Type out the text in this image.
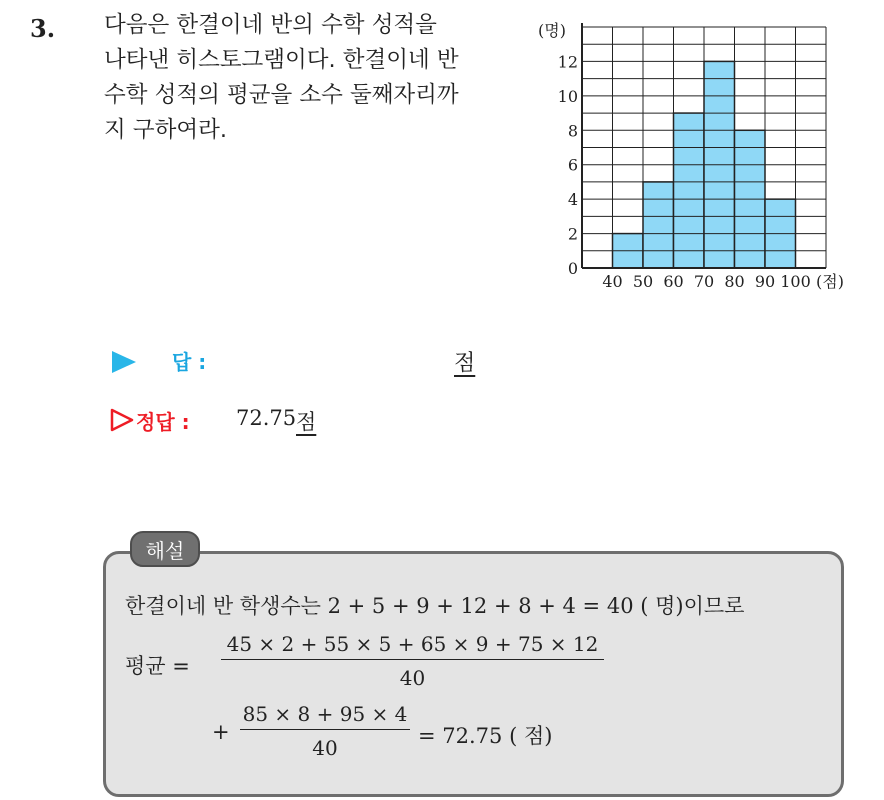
3. 다음은 한결이네 반의 수학 성적을
나타낸 히스토그램이다. 한결이네 반
수학 성적의 평균을 소수 둘째자리까
지 구하여라.

0
2
4
6
8
10
12
40 50 60 70 80 90 100
(명)
(점)
답 :	점
정답 : 72.75 점
해설
한결이네 반 학생수는 2 + 5 + 9 + 12 + 8 + 4 = 40 ( 명)이므로
평균 = $\frac{45 \times 2 + 55 \times 5 + 65 \times 9 + 75 \times 12}{40}$
+ $\frac{85 \times 8 + 95 \times 4}{40} = 72.75$ ( 점)
